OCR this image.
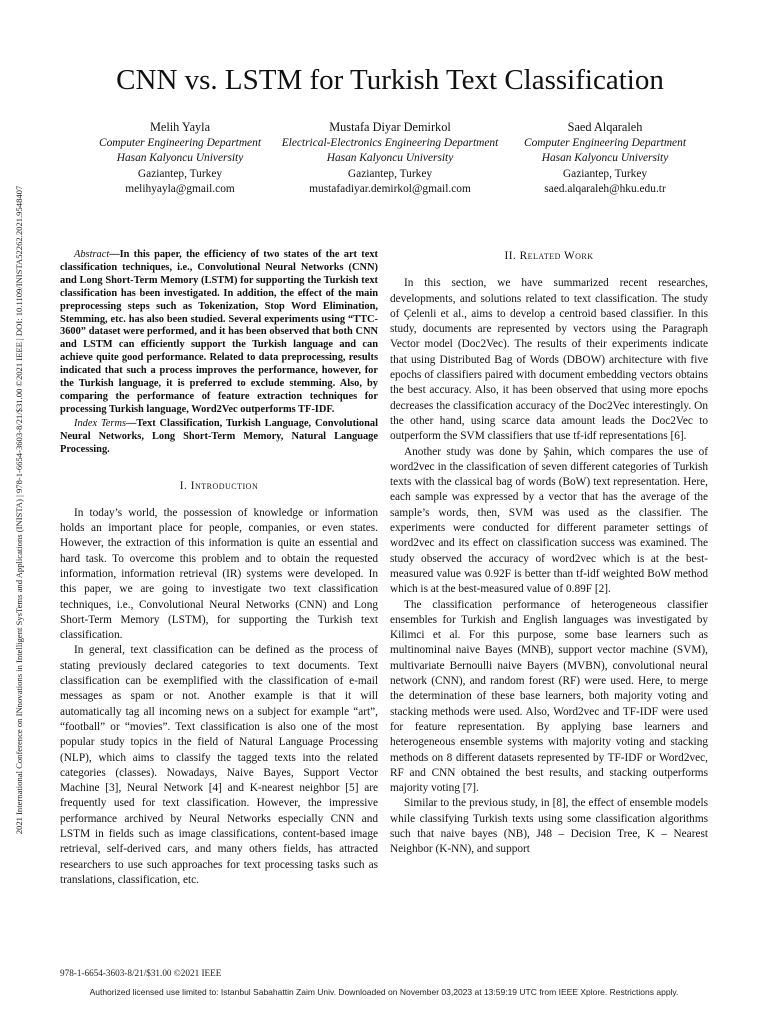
2021 International Conference on INnovations in Intelligent SysTems and Applications (INISTA) | 978-1-6654-3603-8/21/$31.00 ©2021 IEEE | DOI: 10.1109/INISTA52262.2021.9548407
CNN vs. LSTM for Turkish Text Classification
Melih Yayla
Computer Engineering Department
Hasan Kalyoncu University
Gaziantep, Turkey
melihyayla@gmail.com
Mustafa Diyar Demirkol
Electrical-Electronics Engineering Department
Hasan Kalyoncu University
Gaziantep, Turkey
mustafadiyar.demirkol@gmail.com
Saed Alqaraleh
Computer Engineering Department
Hasan Kalyoncu University
Gaziantep, Turkey
saed.alqaraleh@hku.edu.tr

Abstract—In this paper, the efficiency of two states of the art text classification techniques, i.e., Convolutional Neural Networks (CNN) and Long Short-Term Memory (LSTM) for supporting the Turkish text classification has been investigated. In addition, the effect of the main preprocessing steps such as Tokenization, Stop Word Elimination, Stemming, etc. has also been studied. Several experiments using “TTC-3600” dataset were performed, and it has been observed that both CNN and LSTM can efficiently support the Turkish language and can achieve quite good performance. Related to data preprocessing, results indicated that such a process improves the performance, however, for the Turkish language, it is preferred to exclude stemming. Also, by comparing the performance of feature extraction techniques for processing Turkish language, Word2Vec outperforms TF-IDF.

Index Terms—Text Classification, Turkish Language, Convolutional Neural Networks, Long Short-Term Memory, Natural Language Processing.

I. Introduction

In today’s world, the possession of knowledge or information holds an important place for people, companies, or even states. However, the extraction of this information is quite an essential and hard task. To overcome this problem and to obtain the requested information, information retrieval (IR) systems were developed. In this paper, we are going to investigate two text classification techniques, i.e., Convolutional Neural Networks (CNN) and Long Short-Term Memory (LSTM), for supporting the Turkish text classification.

In general, text classification can be defined as the process of stating previously declared categories to text documents. Text classification can be exemplified with the classification of e-mail messages as spam or not. Another example is that it will automatically tag all incoming news on a subject for example “art”, “football” or “movies”. Text classification is also one of the most popular study topics in the field of Natural Language Processing (NLP), which aims to classify the tagged texts into the related categories (classes). Nowadays, Naive Bayes, Support Vector Machine [3], Neural Network [4] and K-nearest neighbor [5] are frequently used for text classification. However, the impressive performance archived by Neural Networks especially CNN and LSTM in fields such as image classifications, content-based image retrieval, self-derived cars, and many others fields, has attracted researchers to use such approaches for text processing tasks such as translations, classification, etc.

II. Related Work

In this section, we have summarized recent researches, developments, and solutions related to text classification. The study of Çelenli et al., aims to develop a centroid based classifier. In this study, documents are represented by vectors using the Paragraph Vector model (Doc2Vec). The results of their experiments indicate that using Distributed Bag of Words (DBOW) architecture with five epochs of classifiers paired with document embedding vectors obtains the best accuracy. Also, it has been observed that using more epochs decreases the classification accuracy of the Doc2Vec interestingly. On the other hand, using scarce data amount leads the Doc2Vec to outperform the SVM classifiers that use tf-idf representations [6].

Another study was done by Şahin, which compares the use of word2vec in the classification of seven different categories of Turkish texts with the classical bag of words (BoW) text representation. Here, each sample was expressed by a vector that has the average of the sample’s words, then, SVM was used as the classifier. The experiments were conducted for different parameter settings of word2vec and its effect on classification success was examined. The study observed the accuracy of word2vec which is at the best-measured value was 0.92F is better than tf-idf weighted BoW method which is at the best-measured value of 0.89F [2].

The classification performance of heterogeneous classifier ensembles for Turkish and English languages was investigated by Kilimci et al. For this purpose, some base learners such as multinominal naive Bayes (MNB), support vector machine (SVM), multivariate Bernoulli naive Bayers (MVBN), convolutional neural network (CNN), and random forest (RF) were used. Here, to merge the determination of these base learners, both majority voting and stacking methods were used. Also, Word2vec and TF-IDF were used for feature representation. By applying base learners and heterogeneous ensemble systems with majority voting and stacking methods on 8 different datasets represented by TF-IDF or Word2vec, RF and CNN obtained the best results, and stacking outperforms majority voting [7].

Similar to the previous study, in [8], the effect of ensemble models while classifying Turkish texts using some classification algorithms such that naive bayes (NB), J48 – Decision Tree, K – Nearest Neighbor (K-NN), and support

978-1-6654-3603-8/21/$31.00 ©2021 IEEE
Authorized licensed use limited to: Istanbul Sabahattin Zaim Univ. Downloaded on November 03,2023 at 13:59:19 UTC from IEEE Xplore. Restrictions apply.
